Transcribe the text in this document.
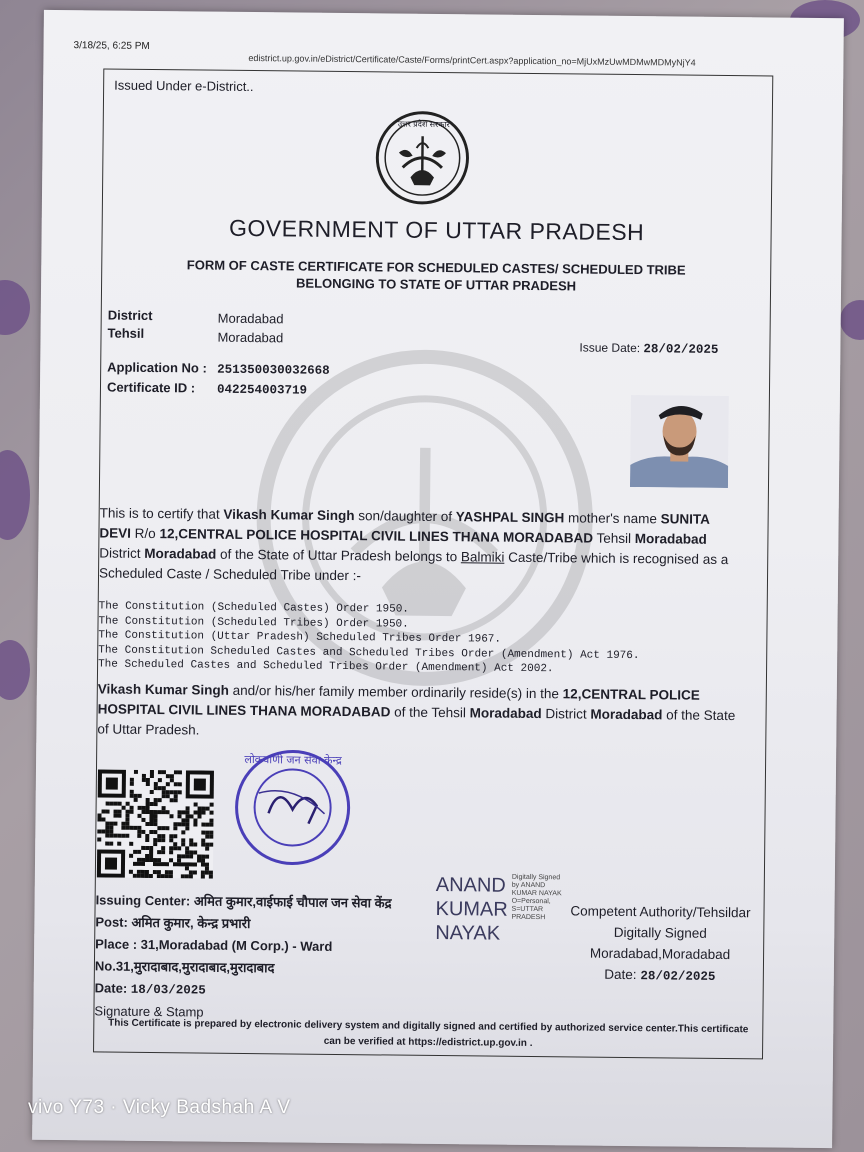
3/18/25, 6:25 PM
edistrict.up.gov.in/eDistrict/Certificate/Caste/Forms/printCert.aspx?application_no=MjUxMzUwMDMwMDMyNjY4
Issued Under e-District..
उत्तर प्रदेश सरकार
GOVERNMENT OF UTTAR PRADESH
FORM OF CASTE CERTIFICATE FOR SCHEDULED CASTES/ SCHEDULED TRIBE
BELONGING TO STATE OF UTTAR PRADESH
District	Moradabad
Tehsil	Moradabad
Issue Date: 28/02/2025
Application No : 251350030032668
Certificate ID : 042254003719
This is to certify that Vikash Kumar Singh son/daughter of YASHPAL SINGH mother's name SUNITA DEVI R/o 12,CENTRAL POLICE HOSPITAL CIVIL LINES THANA MORADABAD Tehsil Moradabad District Moradabad of the State of Uttar Pradesh belongs to Balmiki Caste/Tribe which is recognised as a Scheduled Caste / Scheduled Tribe under :-
The Constitution (Scheduled Castes) Order 1950.
The Constitution (Scheduled Tribes) Order 1950.
The Constitution (Uttar Pradesh) Scheduled Tribes Order 1967.
The Constitution Scheduled Castes and Scheduled Tribes Order (Amendment) Act 1976.
The Scheduled Castes and Scheduled Tribes Order (Amendment) Act 2002.
Vikash Kumar Singh and/or his/her family member ordinarily reside(s) in the 12,CENTRAL POLICE HOSPITAL CIVIL LINES THANA MORADABAD of the Tehsil Moradabad District Moradabad of the State of Uttar Pradesh.
लोकवाणी जन सेवा केन्द्र
Issuing Center: अमित कुमार,वाईफाई चौपाल जन सेवा केंद्र
Post: अमित कुमार, केन्द्र प्रभारी
Place : 31,Moradabad (M Corp.) - Ward No.31,मुरादाबाद,मुरादाबाद,मुरादाबाद
Date: 18/03/2025
Signature & Stamp
ANAND
KUMAR
NAYAK
Digitally Signed by ANAND
KUMAR NAYAK
O=Personal, S=UTTAR PRADESH	Competent Authority/Tehsildar
Digitally Signed
Moradabad,Moradabad
Date: 28/02/2025
This Certificate is prepared by electronic delivery system and digitally signed and certified by authorized service center.This certificate
can be verified at https://edistrict.up.gov.in .
vivo Y73 · Vicky Badshah A V
